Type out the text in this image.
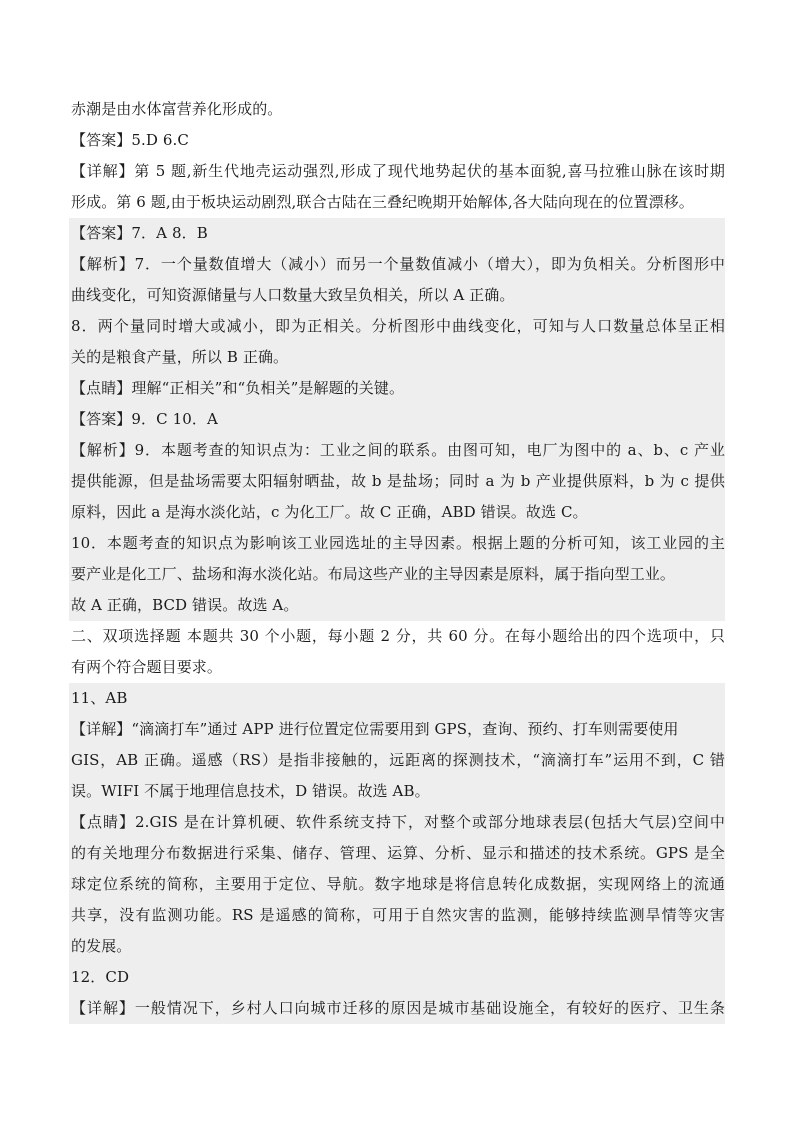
赤潮是由水体富营养化形成的。
【答案】5.D 6.C
【详解】第 5 题,新生代地壳运动强烈,形成了现代地势起伏的基本面貌,喜马拉雅山脉在该时期
形成。第 6 题,由于板块运动剧烈,联合古陆在三叠纪晚期开始解体,各大陆向现在的位置漂移。
【答案】7．A 8．B
【解析】7．一个量数值增大（减小）而另一个量数值减小（增大），即为负相关。分析图形中
曲线变化，可知资源储量与人口数量大致呈负相关，所以 A 正确。
8．两个量同时增大或减小，即为正相关。分析图形中曲线变化，可知与人口数量总体呈正相
关的是粮食产量，所以 B 正确。
【点睛】理解“正相关”和“负相关”是解题的关键。
【答案】9．C 10．A
【解析】9．本题考查的知识点为：工业之间的联系。由图可知，电厂为图中的 a、b、c 产业
提供能源，但是盐场需要太阳辐射晒盐，故 b 是盐场；同时 a 为 b 产业提供原料，b 为 c 提供
原料，因此 a 是海水淡化站，c 为化工厂。故 C 正确，ABD 错误。故选 C。
10．本题考查的知识点为影响该工业园选址的主导因素。根据上题的分析可知，该工业园的主
要产业是化工厂、盐场和海水淡化站。布局这些产业的主导因素是原料，属于指向型工业。
故 A 正确，BCD 错误。故选 A。
二、双项选择题 本题共 30 个小题，每小题 2 分，共 60 分。在每小题给出的四个选项中，只
有两个符合题目要求。
11、AB
【详解】“滴滴打车”通过 APP 进行位置定位需要用到 GPS，查询、预约、打车则需要使用
GIS，AB 正确。遥感（RS）是指非接触的，远距离的探测技术，“滴滴打车”运用不到，C 错
误。WIFI 不属于地理信息技术，D 错误。故选 AB。
【点睛】2.GIS 是在计算机硬、软件系统支持下，对整个或部分地球表层(包括大气层)空间中
的有关地理分布数据进行采集、储存、管理、运算、分析、显示和描述的技术系统。GPS 是全
球定位系统的简称，主要用于定位、导航。数字地球是将信息转化成数据，实现网络上的流通
共享，没有监测功能。RS 是遥感的简称，可用于自然灾害的监测，能够持续监测旱情等灾害
的发展。
12．CD
【详解】一般情况下，乡村人口向城市迁移的原因是城市基础设施全，有较好的医疗、卫生条
